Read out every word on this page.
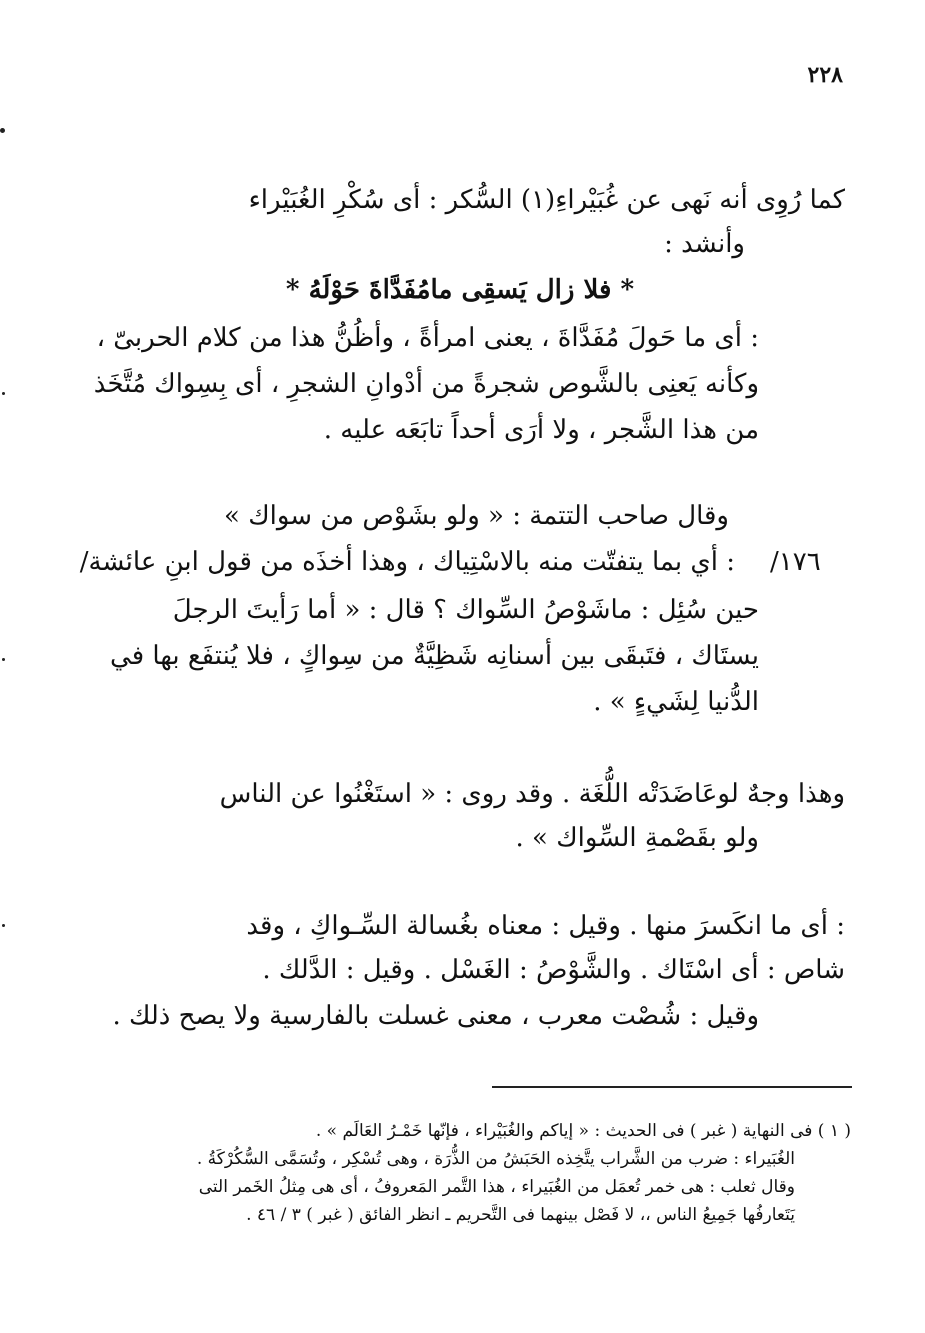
٢٢٨
كما رُوِى أنه نَهى عن غُبَيْراءِ(١) السُّكر : أى سُكْرِ الغُبَيْراء
وأنشد :
* فلا زال يَسقِى مامُفَدَّاةَ حَوْلَهُ *
: أى ما حَولَ مُفَدَّاةَ ، يعنى امرأةً ، وأظُنُّ هذا من كلام الحربىّ ،
وكأنه يَعنِى بالشَّوص شجرةً من أدْوانِ الشجرِ ، أى بِسِواك مُتَّخَذ
من هذا الشَّجر ، ولا أرَى أحداً تابَعَه عليه .
وقال صاحب التتمة : « ولو بشَوْص من سواك »
١٧٦/
: أي بما يتفتّت منه بالاسْتِياك ، وهذا أخذَه من قول ابنِ عائشة/
حين سُئِل : ماشَوْصُ السِّواك ؟ قال : « أما رَأيتَ الرجلَ
يستَاك ، فتَبقَى بين أسنانِه شَظِيَّةٌ من سِواكٍ ، فلا يُنتفَع بها في
الدُّنيا لِشَيءٍ » .
وهذا وجهٌ لوعَاضَدَتْه اللُّغَة . وقد روى : « استَغْنُوا عن الناس
ولو بقَصْمةِ السِّواك » .
: أى ما انكَسرَ منها . وقيل : معناه بغُسالة السِّـواكِ ، وقد
شاص : أى اسْتَاك . والشَّوْصُ : الغَسْل . وقيل : الدَّلك .
وقيل : شُصْت معرب ، معنى غسلت بالفارسية ولا يصح ذلك .
( ١ ) فى النهاية ( غبر ) فى الحديث : « إياكم والغُبَيْراء ، فإنّها خَمْـرُ العَالَم » .
الغُبَيراء : ضرب من الشَّراب يتَّخِذه الحَبَشُ من الذُّرَة ، وهى تُسْكِر ، وتُسَمَّى السُّكُرْكَةُ .
وقال ثعلب : هى خمر تُعمَل من الغُبَيراء ، هذا التَّمر المَعروفُ ، أى هى مِثلُ الخَمر التى
يَتَعارفُها جَمِيعُ الناس ،، لا فَصْل بينهما فى التَّحريم ـ انظر الفائق ( غبر ) ٣ / ٤٦ .
